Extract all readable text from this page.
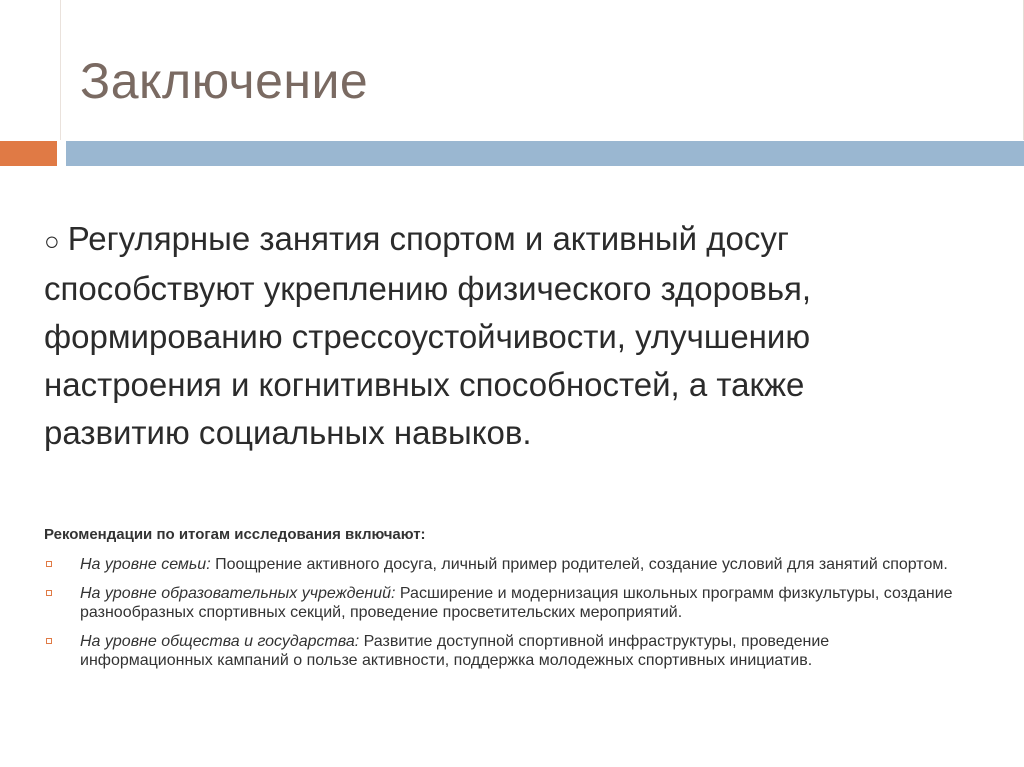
Заключение
○ Регулярные занятия спортом и активный досуг способствуют укреплению физического здоровья, формированию стрессоустойчивости, улучшению настроения и когнитивных способностей, а также развитию социальных навыков.
Рекомендации по итогам исследования включают:
На уровне семьи: Поощрение активного досуга, личный пример родителей, создание условий для занятий спортом.
На уровне образовательных учреждений: Расширение и модернизация школьных программ физкультуры, создание разнообразных спортивных секций, проведение просветительских мероприятий.
На уровне общества и государства: Развитие доступной спортивной инфраструктуры, проведение информационных кампаний о пользе активности, поддержка молодежных спортивных инициатив.
